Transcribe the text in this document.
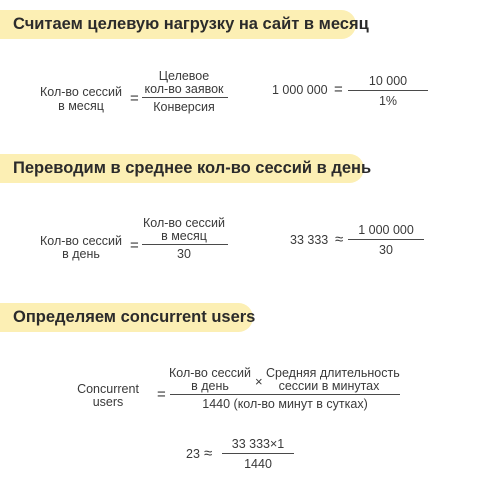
Считаем целевую нагрузку на сайт в месяц
Кол-во сессий
в месяц	=
Целевое
кол-во заявок
Конверсия
1 000 000 =	10 000
1%
Переводим в среднее кол-во сессий в день
Кол-во сессий
в день	=
Кол-во сессий
в месяц
30
33 333 ≈
1 000 000
30
Определяем concurrent users
Concurrent
users	=
Кол-во сессий
в день	×
Средняя длительность
сессии в минутах
1440 (кол-во минут в сутках)
23 ≈
33 333×1
1440
